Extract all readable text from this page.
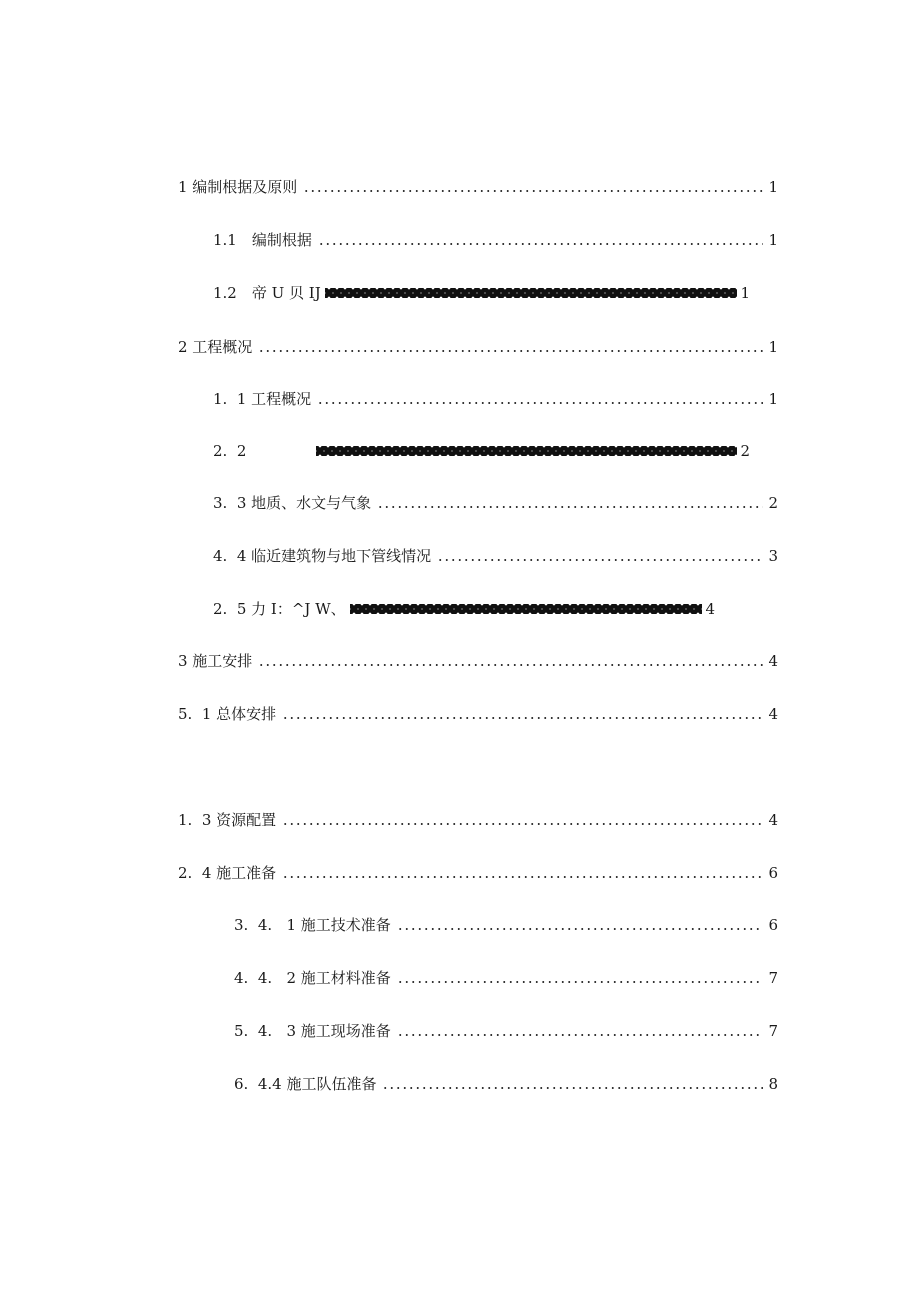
1 编制根据及原则	1
1.1　编制根据	1
1.2　帝 U 贝 IJ	1
2 工程概况	1
1.  1 工程概况	1
2.  2	2
3.  3 地质、水文与气象	2
4.  4 临近建筑物与地下管线情况	3
2.  5 力 I：^J W、	4
3 施工安排	4
5.  1 总体安排	4
1.  3 资源配置	4
2.  4 施工准备	6
3.  4.   1 施工技术准备	6
4.  4.   2 施工材料准备	7
5.  4.   3 施工现场准备	7
6.  4.4 施工队伍准备	8
